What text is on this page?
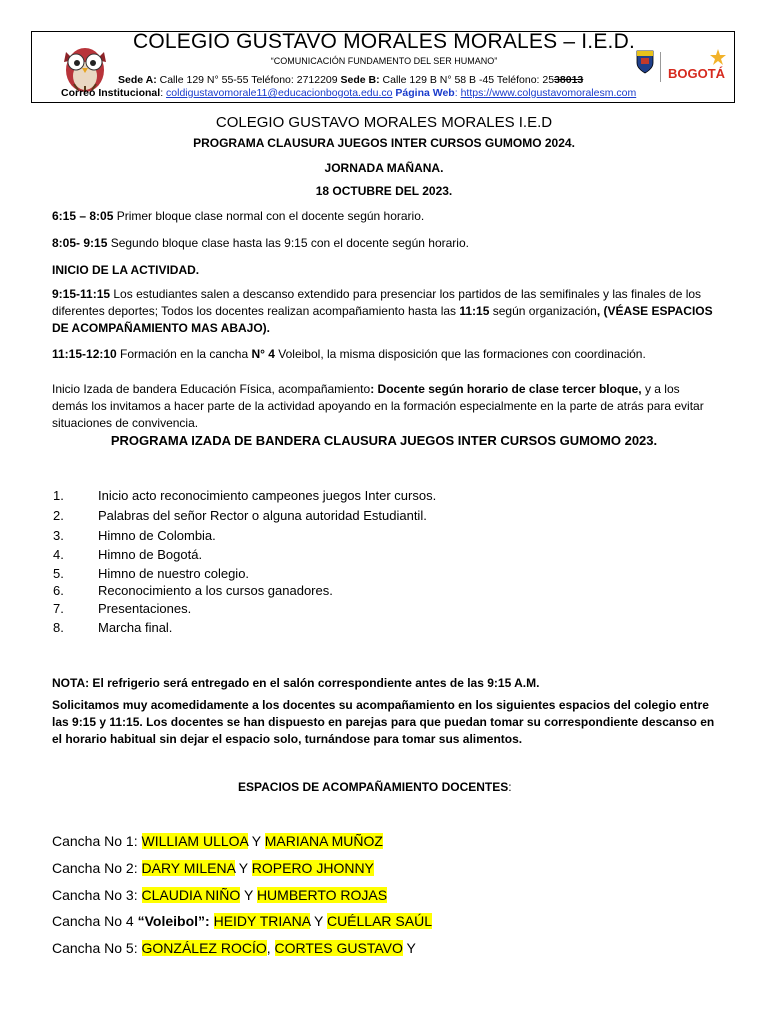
BOGOTÁ
COLEGIO GUSTAVO MORALES MORALES – I.E.D.
“COMUNICACIÓN FUNDAMENTO DEL SER HUMANO”
Sede A: Calle 129 N° 55-55 Teléfono: 2712209 Sede B: Calle 129 B N° 58 B -45 Teléfono: 2538013
Correo Institucional: coldigustavomorale11@educacionbogota.edu.co Página Web: https://www.colgustavomoralesm.com
COLEGIO GUSTAVO MORALES MORALES I.E.D
PROGRAMA CLAUSURA JUEGOS INTER CURSOS GUMOMO 2024.
JORNADA MAÑANA.
18 OCTUBRE DEL 2023.
6:15 – 8:05 Primer bloque clase normal con el docente según horario.
8:05- 9:15 Segundo bloque clase hasta las 9:15 con el docente según horario.
INICIO DE LA ACTIVIDAD.
9:15-11:15 Los estudiantes salen a descanso extendido para presenciar los partidos de las semifinales y las finales de los diferentes deportes; Todos los docentes realizan acompañamiento hasta las 11:15 según organización, (VÉASE ESPACIOS DE ACOMPAÑAMIENTO MAS ABAJO).
11:15-12:10 Formación en la cancha N° 4 Voleibol, la misma disposición que las formaciones con coordinación.
Inicio Izada de bandera Educación Física, acompañamiento: Docente según horario de clase tercer bloque, y a los demás los invitamos a hacer parte de la actividad apoyando en la formación especialmente en la parte de atrás para evitar situaciones de convivencia.
PROGRAMA IZADA DE BANDERA CLAUSURA JUEGOS INTER CURSOS GUMOMO 2023.
1.	Inicio acto reconocimiento campeones juegos Inter cursos.
2.	Palabras del señor Rector o alguna autoridad Estudiantil.
3.	Himno de Colombia.
4.	Himno de Bogotá.
5.	Himno de nuestro colegio.
6.	Reconocimiento a los cursos ganadores.
7.	Presentaciones.
8.	Marcha final.
NOTA: El refrigerio será entregado en el salón correspondiente antes de las 9:15 A.M.
Solicitamos muy acomedidamente a los docentes su acompañamiento en los siguientes espacios del colegio entre las 9:15 y 11:15. Los docentes se han dispuesto en parejas para que puedan tomar su correspondiente descanso en el horario habitual sin dejar el espacio solo, turnándose para tomar sus alimentos.
ESPACIOS DE ACOMPAÑAMIENTO DOCENTES:
Cancha No 1: WILLIAM ULLOA Y MARIANA MUÑOZ
Cancha No 2: DARY MILENA Y ROPERO JHONNY
Cancha No 3: CLAUDIA NIÑO Y HUMBERTO ROJAS
Cancha No 4 “Voleibol”: HEIDY TRIANA Y CUÉLLAR SAÚL
Cancha No 5: GONZÁLEZ ROCÍO, CORTES GUSTAVO Y
